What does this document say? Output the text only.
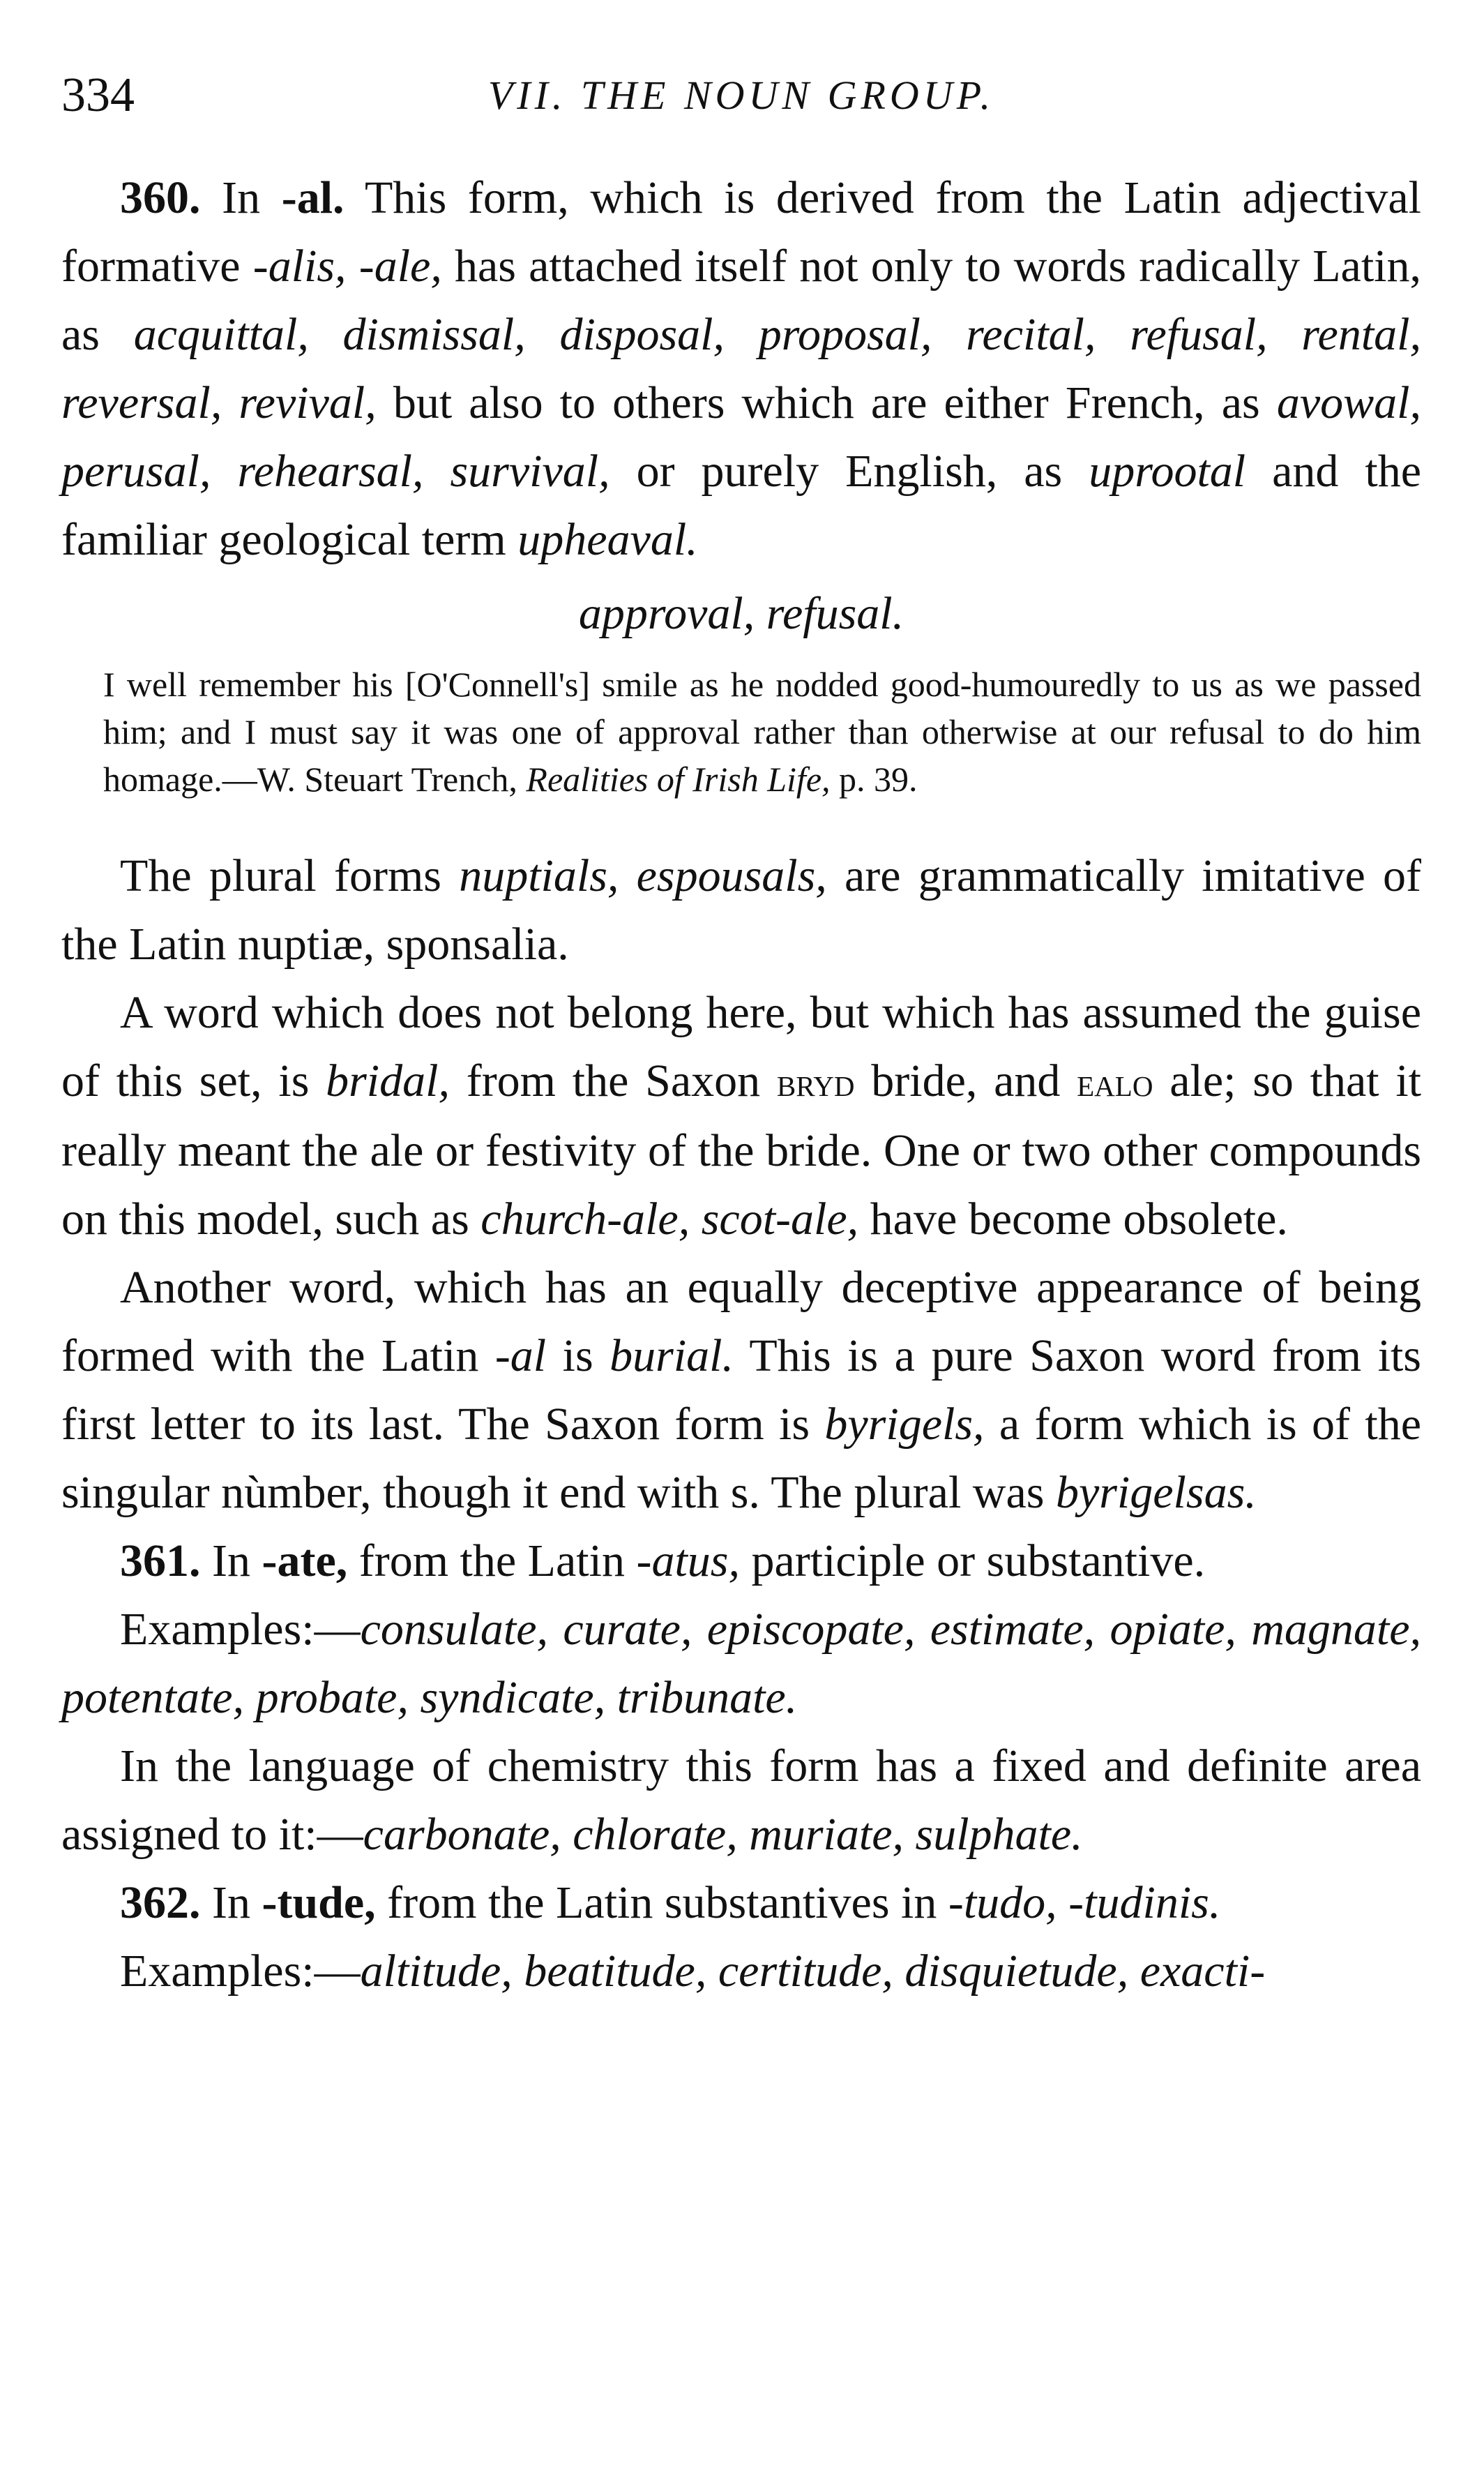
334	VII. THE NOUN GROUP.

360. In -al. This form, which is derived from the Latin adjectival formative -alis, -ale, has attached itself not only to words radically Latin, as acquittal, dismissal, disposal, proposal, recital, refusal, rental, reversal, revival, but also to others which are either French, as avowal, perusal, rehearsal, survival, or purely English, as uprootal and the familiar geological term upheaval.

approval, refusal.

I well remember his [O'Connell's] smile as he nodded good-humouredly to us as we passed him; and I must say it was one of approval rather than otherwise at our refusal to do him homage.—W. Steuart Trench, Realities of Irish Life, p. 39.

The plural forms nuptials, espousals, are grammatically imitative of the Latin nuptiæ, sponsalia.

A word which does not belong here, but which has assumed the guise of this set, is bridal, from the Saxon bryd bride, and ealo ale; so that it really meant the ale or festivity of the bride. One or two other compounds on this model, such as church-ale, scot-ale, have become obsolete.

Another word, which has an equally deceptive appearance of being formed with the Latin -al is burial. This is a pure Saxon word from its first letter to its last. The Saxon form is byrigels, a form which is of the singular nùmber, though it end with s. The plural was byrigelsas.

361. In -ate, from the Latin -atus, participle or substantive.

Examples:—consulate, curate, episcopate, estimate, opiate, magnate, potentate, probate, syndicate, tribunate.

In the language of chemistry this form has a fixed and definite area assigned to it:—carbonate, chlorate, muriate, sulphate.

362. In -tude, from the Latin substantives in -tudo, -tudinis.

Examples:—altitude, beatitude, certitude, disquietude, exacti-
